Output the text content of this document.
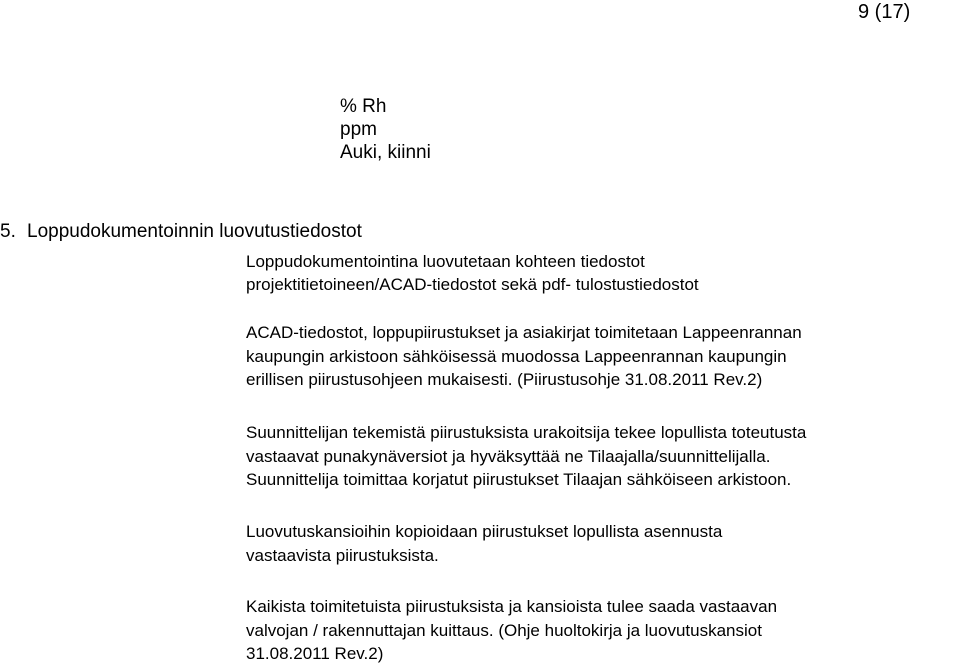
9 (17)
% Rh
ppm
Auki, kiinni
5. Loppudokumentoinnin luovutustiedostot
Loppudokumentointina luovutetaan kohteen tiedostot
projektitietoineen/ACAD-tiedostot sekä pdf- tulostustiedostot
ACAD-tiedostot, loppupiirustukset ja asiakirjat toimitetaan Lappeenrannan
kaupungin arkistoon sähköisessä muodossa Lappeenrannan kaupungin
erillisen piirustusohjeen mukaisesti. (Piirustusohje 31.08.2011 Rev.2)
Suunnittelijan tekemistä piirustuksista urakoitsija tekee lopullista toteutusta
vastaavat punakynäversiot ja hyväksyttää ne Tilaajalla/suunnittelijalla.
Suunnittelija toimittaa korjatut piirustukset Tilaajan sähköiseen arkistoon.
Luovutuskansioihin kopioidaan piirustukset lopullista asennusta
vastaavista piirustuksista.
Kaikista toimitetuista piirustuksista ja kansioista tulee saada vastaavan
valvojan / rakennuttajan kuittaus. (Ohje huoltokirja ja luovutuskansiot
31.08.2011 Rev.2)
